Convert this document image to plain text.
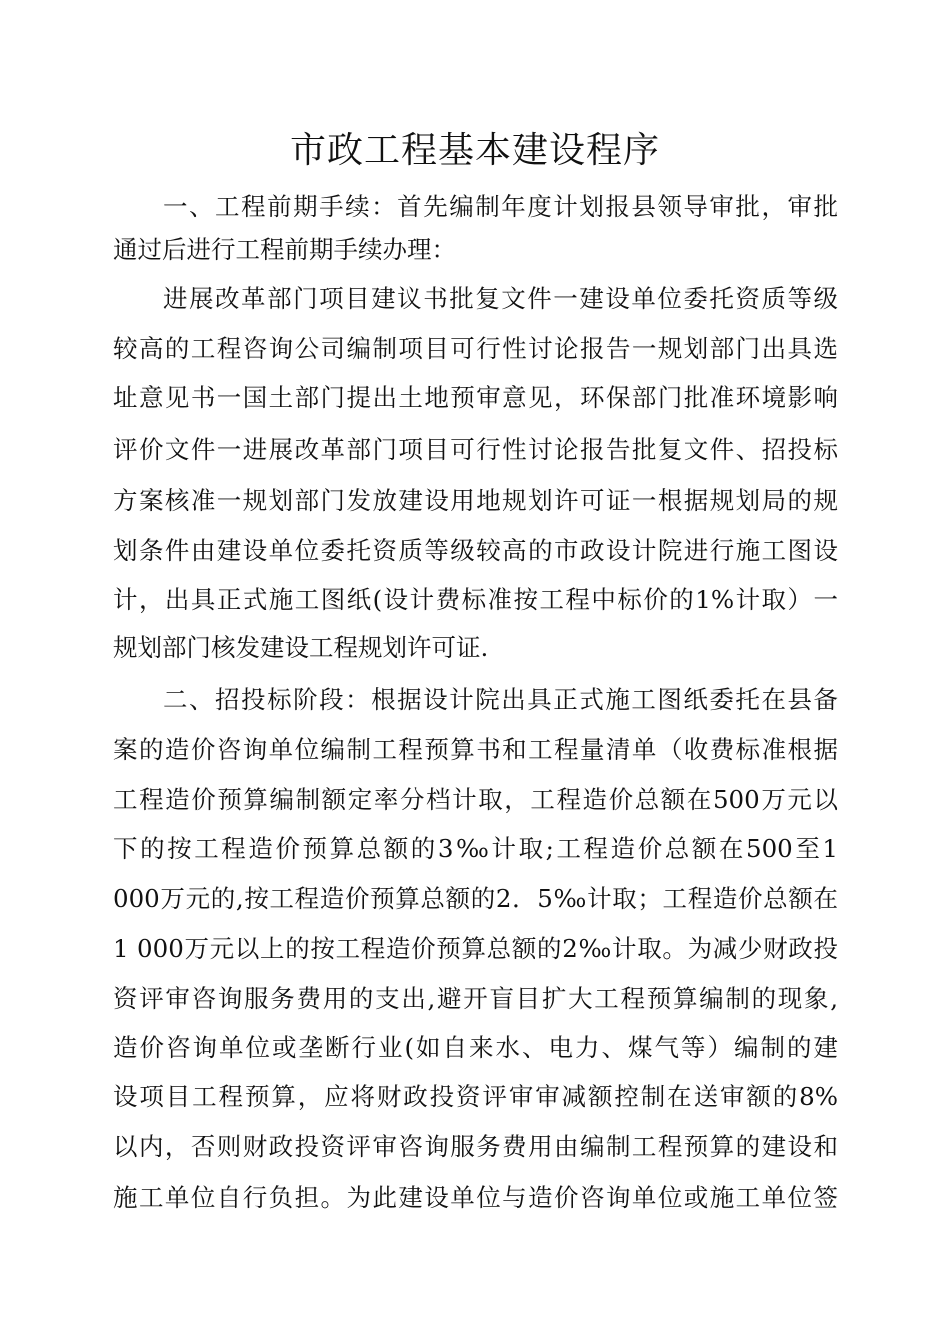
市政工程基本建设程序
一、工程前期手续：首先编制年度计划报县领导审批，审批
通过后进行工程前期手续办理：
进展改革部门项目建议书批复文件一建设单位委托资质等级
较高的工程咨询公司编制项目可行性讨论报告一规划部门出具选
址意见书一国土部门提出土地预审意见，环保部门批准环境影响
评价文件一进展改革部门项目可行性讨论报告批复文件、招投标
方案核准一规划部门发放建设用地规划许可证一根据规划局的规
划条件由建设单位委托资质等级较高的市政设计院进行施工图设
计，出具正式施工图纸(设计费标准按工程中标价的1%计取）一
规划部门核发建设工程规划许可证.
二、招投标阶段：根据设计院出具正式施工图纸委托在县备
案的造价咨询单位编制工程预算书和工程量清单（收费标准根据
工程造价预算编制额定率分档计取，工程造价总额在500万元以
下的按工程造价预算总额的3‰计取;工程造价总额在500至1
000万元的,按工程造价预算总额的2．5‰计取；工程造价总额在
1 000万元以上的按工程造价预算总额的2‰计取。为减少财政投
资评审咨询服务费用的支出,避开盲目扩大工程预算编制的现象,
造价咨询单位或垄断行业(如自来水、电力、煤气等）编制的建
设项目工程预算，应将财政投资评审审减额控制在送审额的8%
以内，否则财政投资评审咨询服务费用由编制工程预算的建设和
施工单位自行负担。为此建设单位与造价咨询单位或施工单位签
